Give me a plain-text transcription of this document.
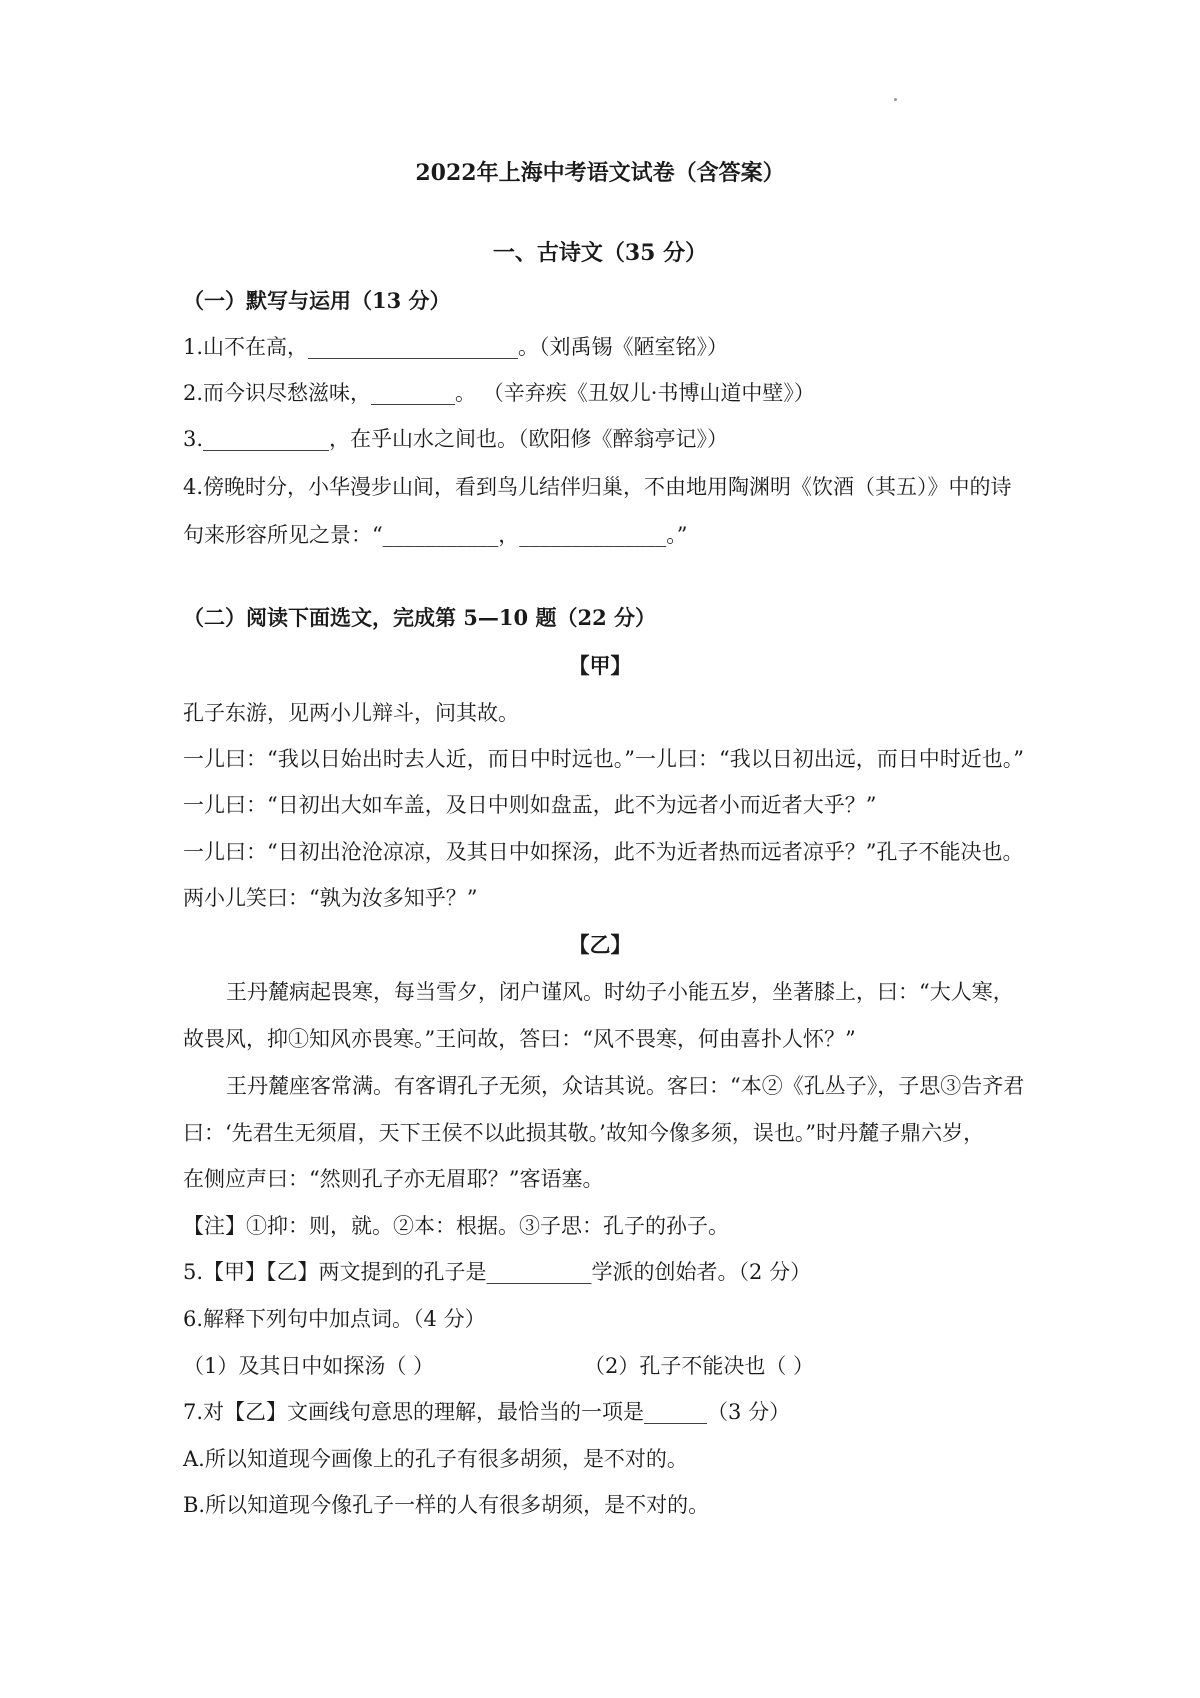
2022年上海中考语文试卷（含答案）
一、古诗文（35 分）
（一）默写与运用（13 分）
1.山不在高，____________________。（刘禹锡《陋室铭》）
2.而今识尽愁滋味，________。 （辛弃疾《丑奴儿·书博山道中壁》）
3.____________，在乎山水之间也。（欧阳修《醉翁亭记》）
4.傍晚时分，小华漫步山间，看到鸟儿结伴归巢，不由地用陶渊明《饮酒（其五）》中的诗
句来形容所见之景：“___________，______________。”
（二）阅读下面选文，完成第 5—10 题（22 分）
【甲】
孔子东游，见两小儿辩斗，问其故。
一儿曰：“我以日始出时去人近，而日中时远也。”一儿曰：“我以日初出远，而日中时近也。”
一儿曰：“日初出大如车盖，及日中则如盘盂，此不为远者小而近者大乎？”
一儿曰：“日初出沧沧凉凉，及其日中如探汤，此不为近者热而远者凉乎？”孔子不能决也。
两小儿笑曰：“孰为汝多知乎？”
【乙】
王丹麓病起畏寒，每当雪夕，闭户谨风。时幼子小能五岁，坐著膝上，曰：“大人寒，
故畏风，抑①知风亦畏寒。”王问故，答曰：“风不畏寒，何由喜扑人怀？”
王丹麓座客常满。有客谓孔子无须，众诘其说。客曰：“本②《孔丛子》，子思③告齐君
曰：‘先君生无须眉，天下王侯不以此损其敬。’故知今像多须，误也。”时丹麓子鼎六岁，
在侧应声曰：“然则孔子亦无眉耶？”客语塞。
【注】①抑：则，就。②本：根据。③子思：孔子的孙子。
5.【甲】【乙】两文提到的孔子是__________学派的创始者。（2 分）
6.解释下列句中加点词。（4 分）
（1）及其日中如探汤（ ）	（2）孔子不能决也（ ）
7.对【乙】文画线句意思的理解，最恰当的一项是______（3 分）
A.所以知道现今画像上的孔子有很多胡须，是不对的。
B.所以知道现今像孔子一样的人有很多胡须，是不对的。
